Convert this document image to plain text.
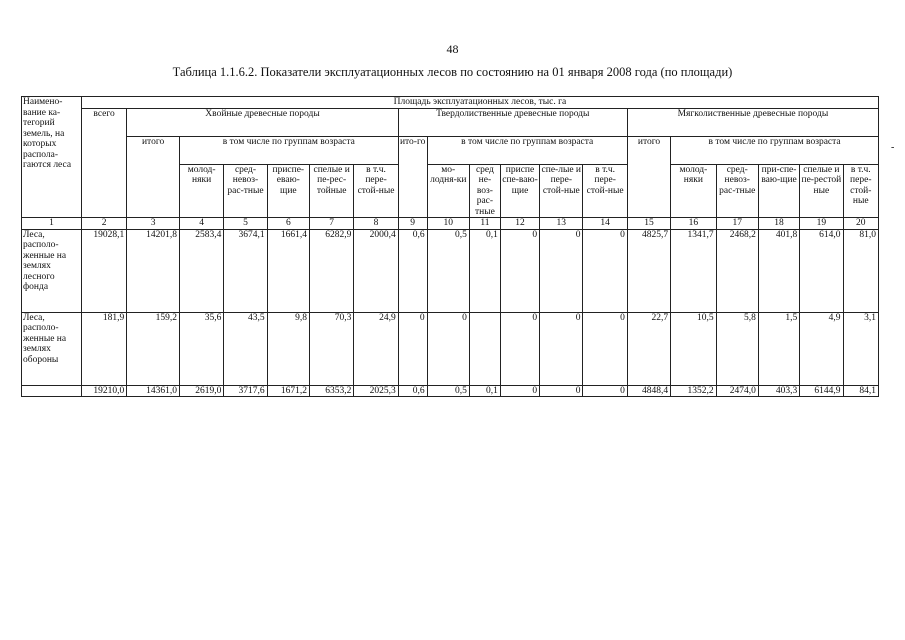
48
Таблица 1.1.6.2. Показатели эксплуатационных лесов по состоянию на 01 января 2008 года (по площади)
Наимено-вание ка-тегорий земель, на которых распола-гаются леса	Площадь эксплуатационных лесов, тыс. га																		
	всего	Хвойные древесные породы						Твердолиственные древесные породы						Мягколиственные древесные породы					
		итого	в том числе по группам возраста					ито-го	в том числе по группам возраста					итого	в том числе по группам возраста				
			молод-няки	сред-невоз-рас-тные	приспе-еваю-щие	спелые и пе-рес-тойные	в т.ч. пере-стой-ные		мо-лодня-ки	сред не-воз-рас-тные	приспе спе-ваю-щие	спе-лые и пере-стой-ные	в т.ч. пере-стой-ные		молод-няки	сред-невоз-рас-тные	при-спе-ваю-щие	спелые и пе-рестой ные	в т.ч. пере-стой-ные
1	2	3	4	5	6	7	8	9	10	11	12	13	14	15	16	17	18	19	20
Леса, располо-женные на землях лесного фонда	19028,1	14201,8	2583,4	3674,1	1661,4	6282,9	2000,4	0,6	0,5	0,1	0	0	0	4825,7	1341,7	2468,2	401,8	614,0	81,0
Леса, располо-женные на землях обороны	181,9	159,2	35,6	43,5	9,8	70,3	24,9	0	0		0	0	0	22,7	10,5	5,8	1,5	4,9	3,1
	19210,0	14361,0	2619,0	3717,6	1671,2	6353,2	2025,3	0,6	0,5	0,1	0	0	0	4848,4	1352,2	2474,0	403,3	6144,9	84,1
-
